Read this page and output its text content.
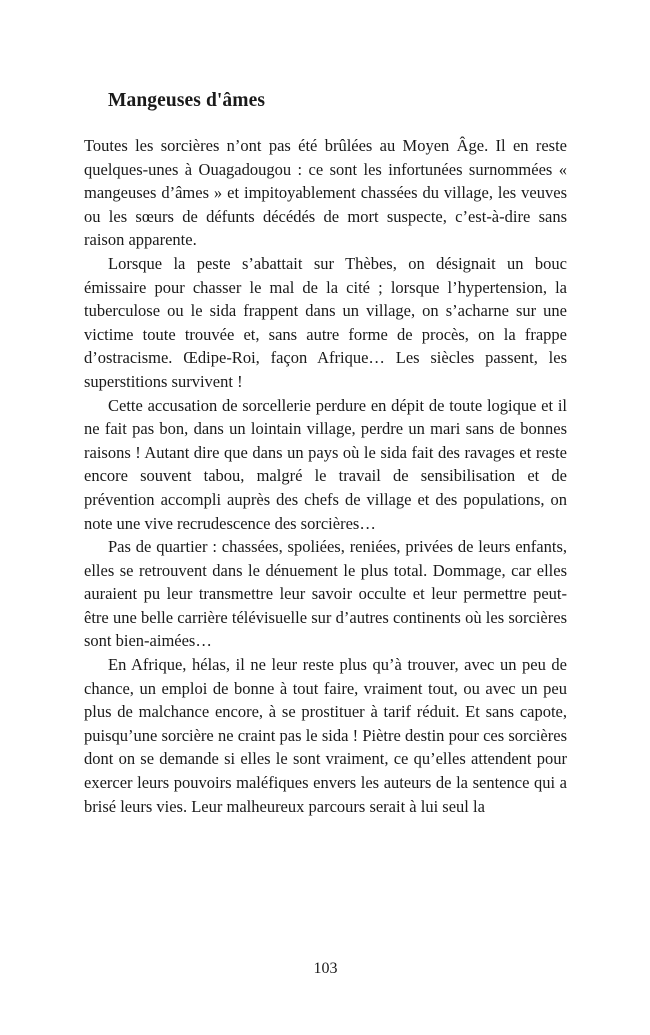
Mangeuses d'âmes

Toutes les sorcières n’ont pas été brûlées au Moyen Âge. Il en reste quelques-unes à Ouagadougou : ce sont les infortunées surnommées « mangeuses d’âmes » et impitoyablement chassées du village, les veuves ou les sœurs de défunts décédés de mort suspecte, c’est-à-dire sans raison apparente.

Lorsque la peste s’abattait sur Thèbes, on désignait un bouc émissaire pour chasser le mal de la cité ; lorsque l’hypertension, la tuberculose ou le sida frappent dans un village, on s’acharne sur une victime toute trouvée et, sans autre forme de procès, on la frappe d’ostracisme. Œdipe-Roi, façon Afrique… Les siècles passent, les superstitions survivent !

Cette accusation de sorcellerie perdure en dépit de toute logique et il ne fait pas bon, dans un lointain village, perdre un mari sans de bonnes raisons ! Autant dire que dans un pays où le sida fait des ravages et reste encore souvent tabou, malgré le travail de sensibilisation et de prévention accompli auprès des chefs de village et des populations, on note une vive recrudescence des sorcières…

Pas de quartier : chassées, spoliées, reniées, privées de leurs enfants, elles se retrouvent dans le dénuement le plus total. Dommage, car elles auraient pu leur transmettre leur savoir occulte et leur permettre peut-être une belle carrière télévisuelle sur d’autres continents où les sorcières sont bien-aimées…

En Afrique, hélas, il ne leur reste plus qu’à trouver, avec un peu de chance, un emploi de bonne à tout faire, vraiment tout, ou avec un peu plus de malchance encore, à se prostituer à tarif réduit. Et sans capote, puisqu’une sorcière ne craint pas le sida ! Piètre destin pour ces sorcières dont on se demande si elles le sont vraiment, ce qu’elles attendent pour exercer leurs pouvoirs maléfiques envers les auteurs de la sentence qui a brisé leurs vies. Leur malheureux parcours serait à lui seul la

103
